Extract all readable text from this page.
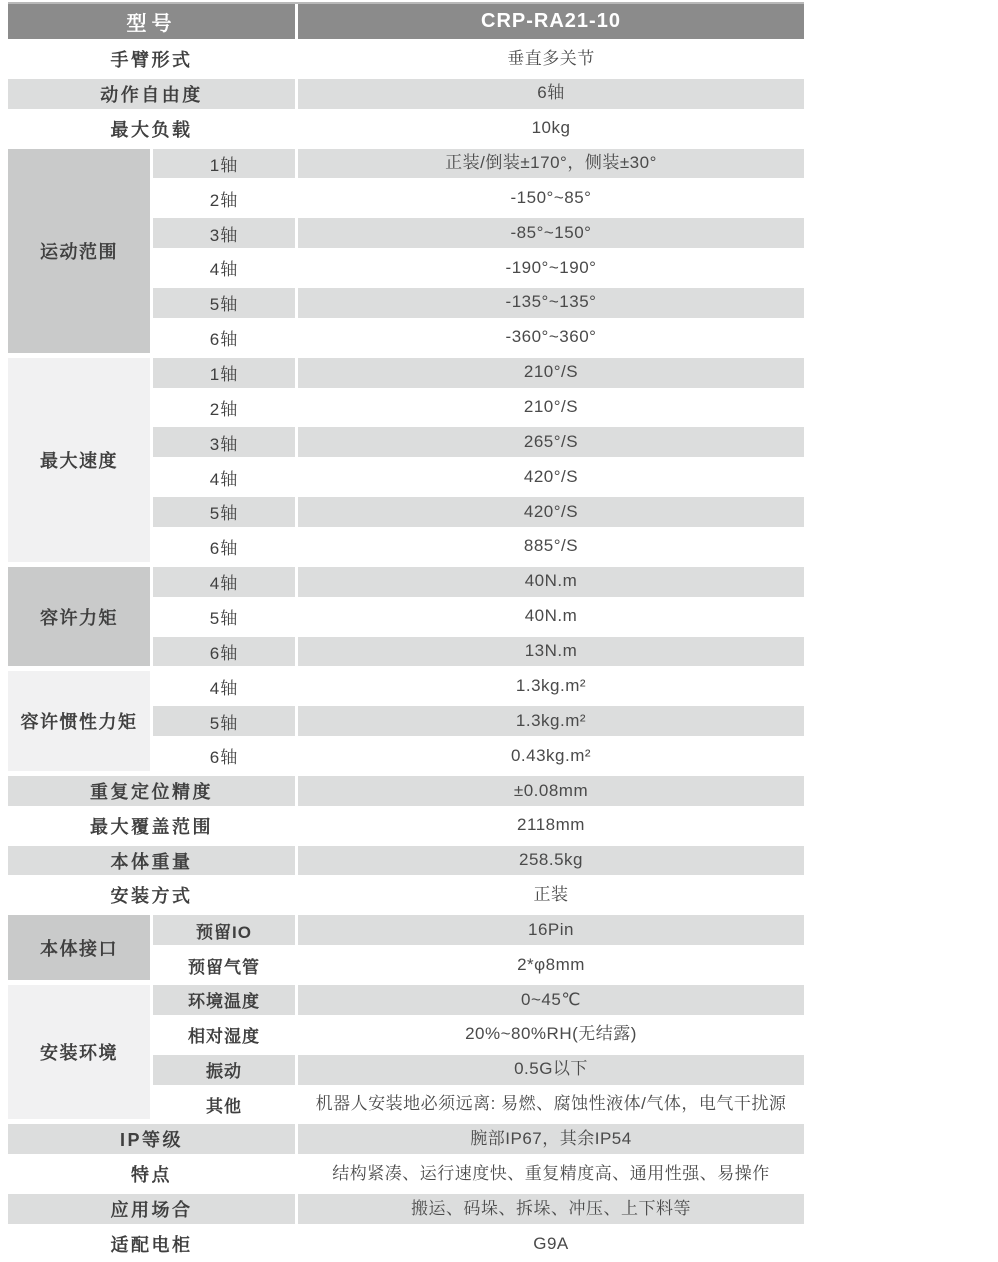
型号	CRP-RA21-10
手臂形式	垂直多关节
动作自由度	6轴
最大负载	10kg
运动范围
1轴	正装/倒装±170°，侧装±30°
2轴	-150°~85°
3轴	-85°~150°
4轴	-190°~190°
5轴	-135°~135°
6轴	-360°~360°
最大速度
1轴	210°/S
2轴	210°/S
3轴	265°/S
4轴	420°/S
5轴	420°/S
6轴	885°/S
容许力矩
4轴	40N.m
5轴	40N.m
6轴	13N.m
容许惯性力矩
4轴	1.3kg.m²
5轴	1.3kg.m²
6轴	0.43kg.m²
重复定位精度	±0.08mm
最大覆盖范围	2118mm
本体重量	258.5kg
安装方式	正装
本体接口
预留IO	16Pin
预留气管	2*φ8mm
安装环境
环境温度	0~45℃
相对湿度	20%~80%RH(无结露)
振动	0.5G以下
其他	机器人安装地必须远离: 易燃、腐蚀性液体/气体，电气干扰源
IP等级	腕部IP67，其余IP54
特点	结构紧凑、运行速度快、重复精度高、通用性强、易操作
应用场合	搬运、码垛、拆垛、冲压、上下料等
适配电柜	G9A
